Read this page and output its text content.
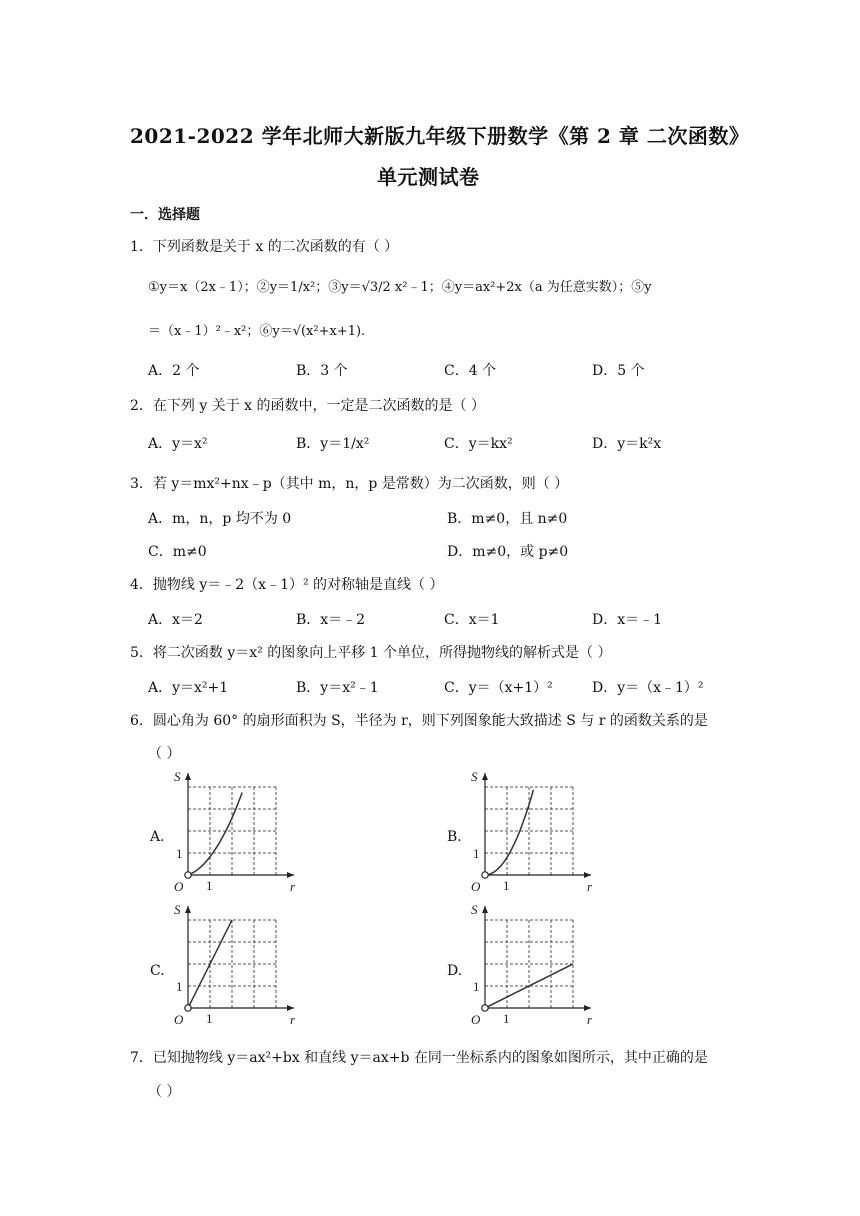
2021-2022 学年北师大新版九年级下册数学《第 2 章 二次函数》
单元测试卷
一．选择题
1．下列函数是关于 x 的二次函数的有（ ）
①y＝x（2x﹣1）；②y＝1/x²；③y＝√3/2 x²﹣1；④y＝ax²+2x（a 为任意实数）；⑤y
＝（x﹣1）²﹣x²；⑥y＝√(x²+x+1).
A．2 个	B．3 个	C．4 个	D．5 个
2．在下列 y 关于 x 的函数中，一定是二次函数的是（ ）
A．y＝x²	B．y＝1/x²	C．y＝kx²	D．y＝k²x
3．若 y＝mx²+nx﹣p（其中 m，n，p 是常数）为二次函数，则（ ）
A．m，n，p 均不为 0	B．m≠0，且 n≠0
C．m≠0	D．m≠0，或 p≠0
4．抛物线 y＝﹣2（x﹣1）² 的对称轴是直线（ ）
A．x＝2	B．x＝﹣2	C．x＝1	D．x＝﹣1
5．将二次函数 y＝x² 的图象向上平移 1 个单位，所得抛物线的解析式是（ ）
A．y＝x²+1	B．y＝x²﹣1	C．y＝（x+1）²	D．y＝（x﹣1）²
6．圆心角为 60° 的扇形面积为 S，半径为 r，则下列图象能大致描述 S 与 r 的函数关系的是
（ ）
A.	B.
C.	D.
S
r
O 1
1
S
r
O 1
1
S
r
O 1
1
S
r
O 1
1
7．已知抛物线 y＝ax²+bx 和直线 y＝ax+b 在同一坐标系内的图象如图所示，其中正确的是
（ ）
